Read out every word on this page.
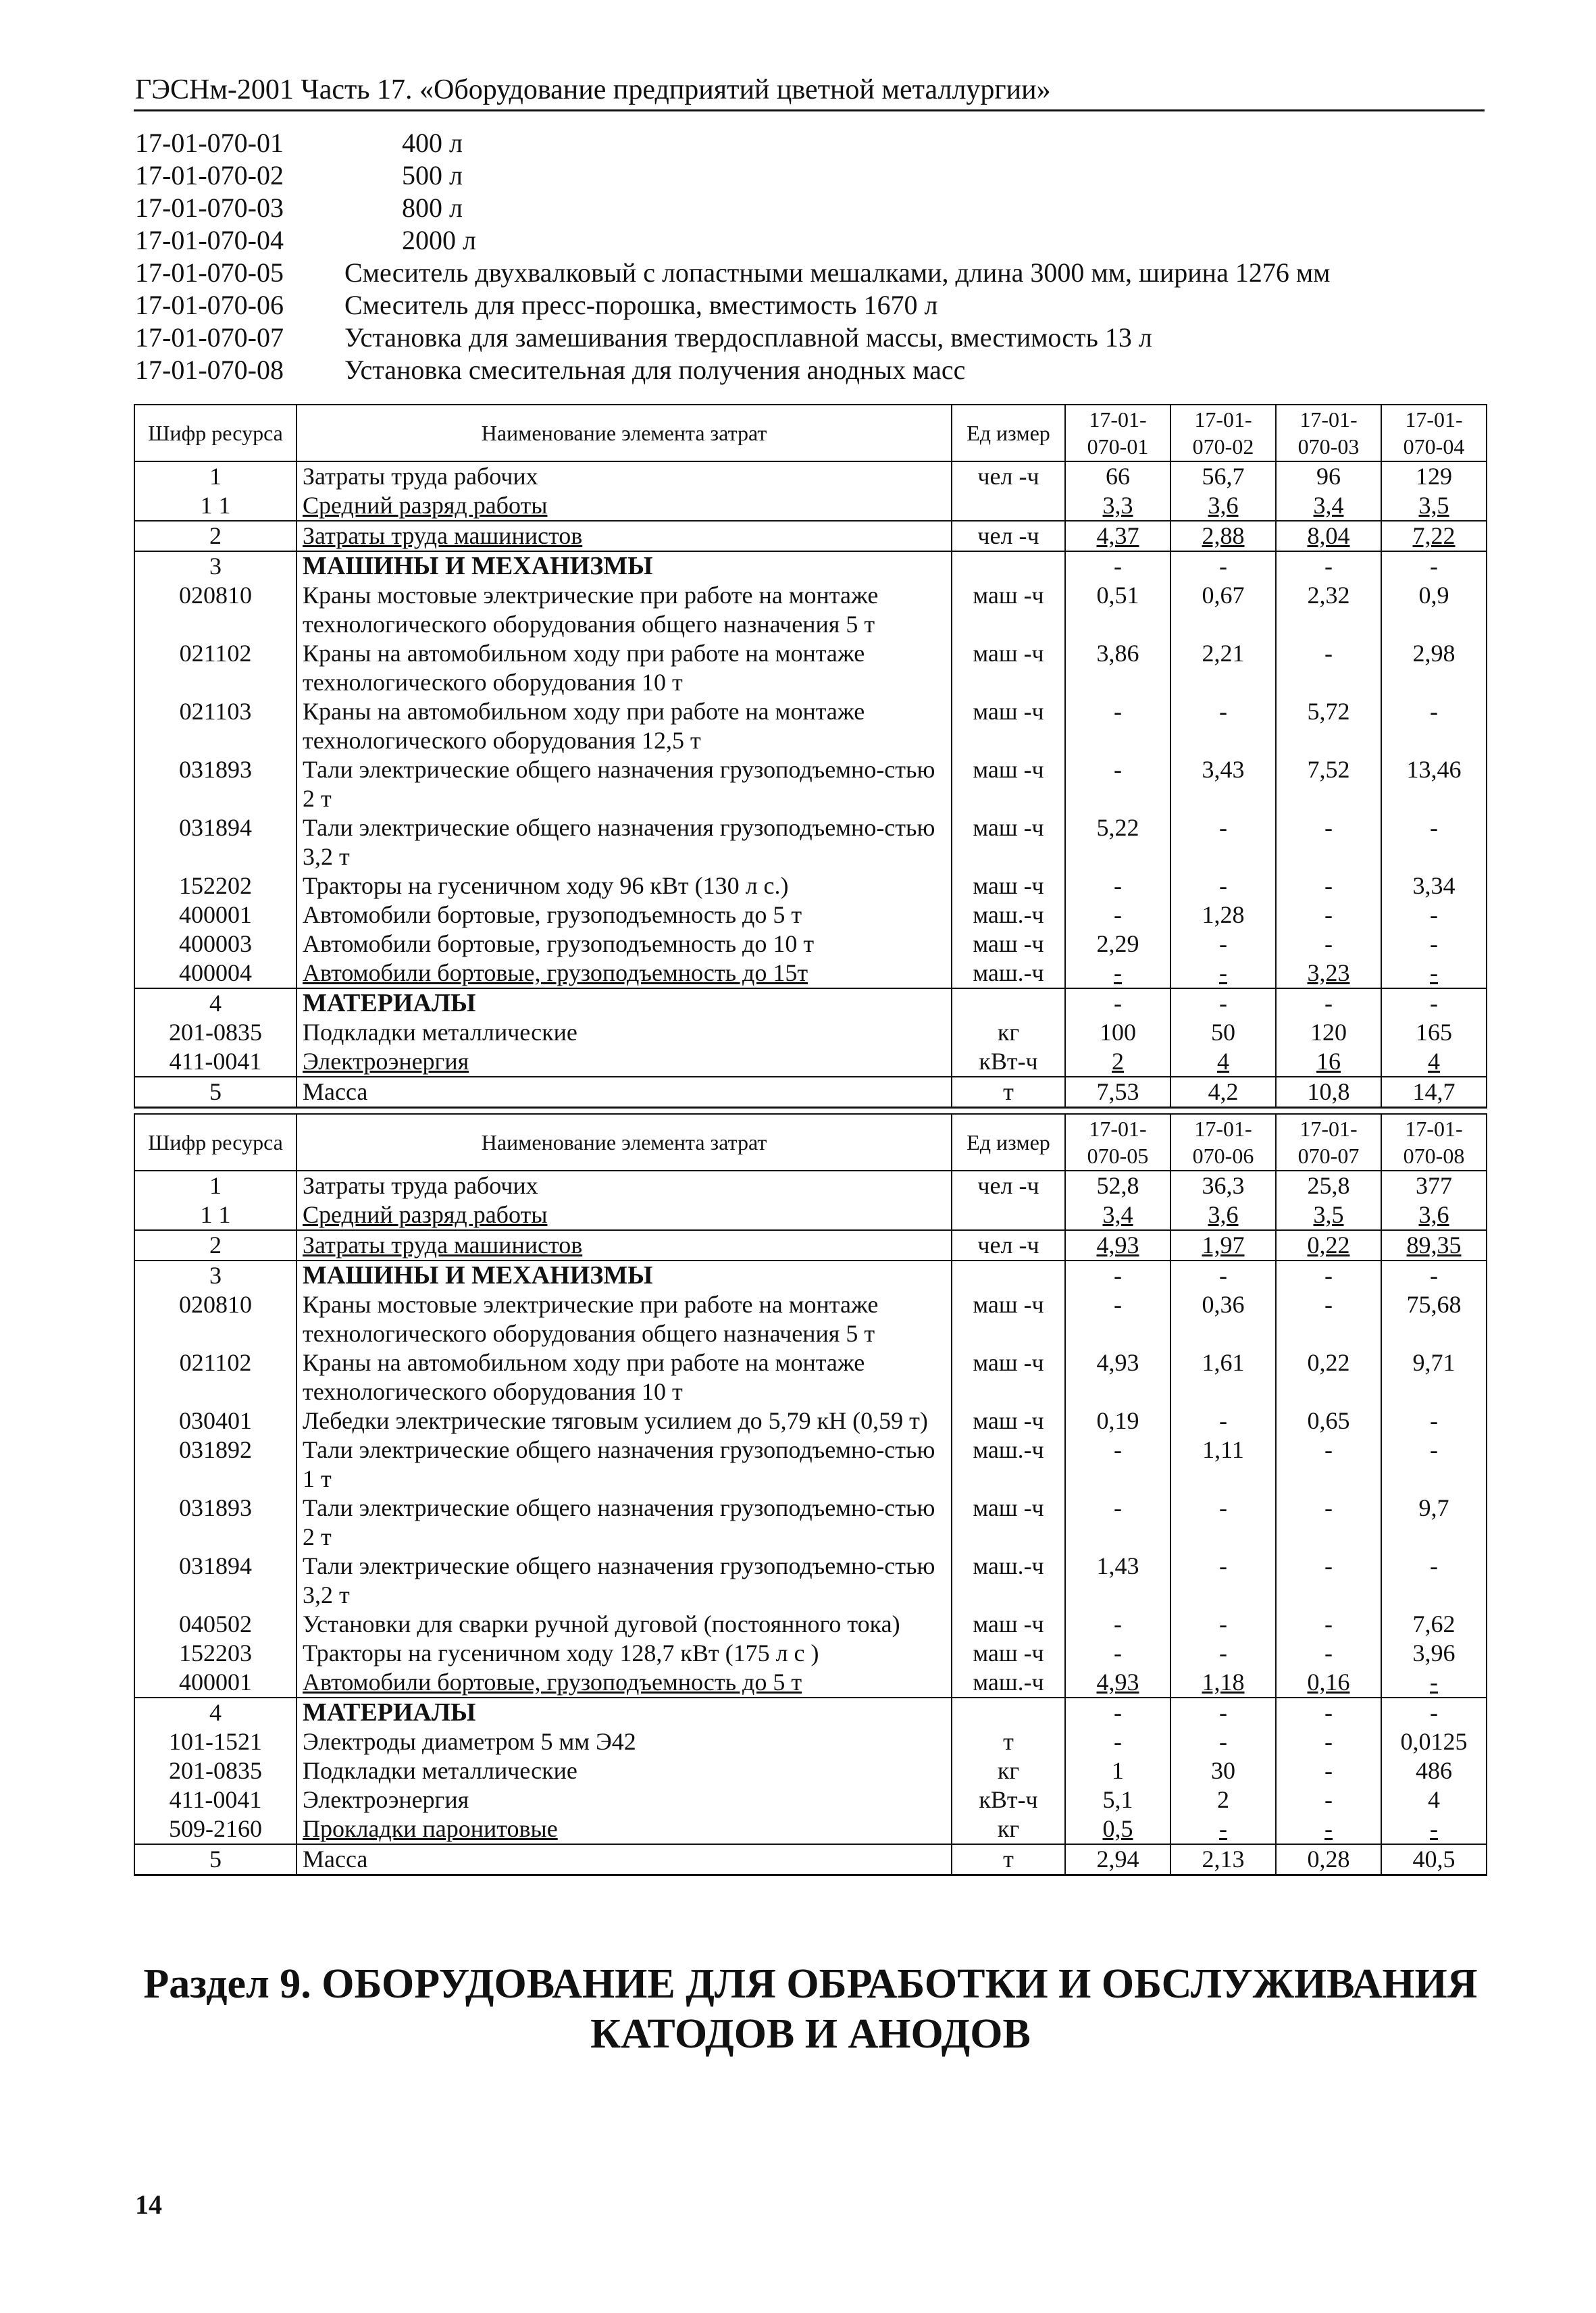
ГЭСНм-2001 Часть 17. «Оборудование предприятий цветной металлургии»
17-01-070-01	400 л
17-01-070-02	500 л
17-01-070-03	800 л
17-01-070-04	2000 л
17-01-070-05 Смеситель двухвалковый с лопастными мешалками, длина 3000 мм, ширина 1276 мм
17-01-070-06 Смеситель для пресс-порошка, вместимость 1670 л
17-01-070-07 Установка для замешивания твердосплавной массы, вместимость 13 л
17-01-070-08 Установка смесительная для получения анодных масс
Шифр ресурса	Наименование элемента затрат	Ед измер	17-01-070-01	17-01-070-02	17-01-070-03	17-01-070-04
1	Затраты труда рабочих	чел -ч	66	56,7	96	129
1 1	Средний разряд работы		3,3	3,6	3,4	3,5
2	Затраты труда машинистов	чел -ч	4,37	2,88	8,04	7,22
3	МАШИНЫ И МЕХАНИЗМЫ		-	-	-	-
020810	Краны мостовые электрические при работе на монтаже технологического оборудования общего назначения 5 т	маш -ч	0,51	0,67	2,32	0,9
021102	Краны на автомобильном ходу при работе на монтаже технологического оборудования 10 т	маш -ч	3,86	2,21	-	2,98
021103	Краны на автомобильном ходу при работе на монтаже технологического оборудования 12,5 т	маш -ч	-	-	5,72	-
031893	Тали электрические общего назначения грузоподъемно-стью 2 т	маш -ч	-	3,43	7,52	13,46
031894	Тали электрические общего назначения грузоподъемно-стью 3,2 т	маш -ч	5,22	-	-	-
152202	Тракторы на гусеничном ходу 96 кВт (130 л с.)	маш -ч	-	-	-	3,34
400001	Автомобили бортовые, грузоподъемность до 5 т	маш.-ч	-	1,28	-	-
400003	Автомобили бортовые, грузоподъемность до 10 т	маш -ч	2,29	-	-	-
400004	Автомобили бортовые, грузоподъемность до 15т	маш.-ч	-	-	3,23	-
4	МАТЕРИАЛЫ		-	-	-	-
201-0835	Подкладки металлические	кг	100	50	120	165
411-0041	Электроэнергия	кВт-ч	2	4	16	4
5	Масса	т	7,53	4,2	10,8	14,7
Шифр ресурса	Наименование элемента затрат	Ед измер	17-01-070-05	17-01-070-06	17-01-070-07	17-01-070-08
1	Затраты труда рабочих	чел -ч	52,8	36,3	25,8	377
1 1	Средний разряд работы		3,4	3,6	3,5	3,6
2	Затраты труда машинистов	чел -ч	4,93	1,97	0,22	89,35
3	МАШИНЫ И МЕХАНИЗМЫ		-	-	-	-
020810	Краны мостовые электрические при работе на монтаже технологического оборудования общего назначения 5 т	маш -ч	-	0,36	-	75,68
021102	Краны на автомобильном ходу при работе на монтаже технологического оборудования 10 т	маш -ч	4,93	1,61	0,22	9,71
030401	Лебедки электрические тяговым усилием до 5,79 кН (0,59 т)	маш -ч	0,19	-	0,65	-
031892	Тали электрические общего назначения грузоподъемно-стью 1 т	маш.-ч	-	1,11	-	-
031893	Тали электрические общего назначения грузоподъемно-стью 2 т	маш -ч	-	-	-	9,7
031894	Тали электрические общего назначения грузоподъемно-стью 3,2 т	маш.-ч	1,43	-	-	-
040502	Установки для сварки ручной дуговой (постоянного тока)	маш -ч	-	-	-	7,62
152203	Тракторы на гусеничном ходу 128,7 кВт (175 л с )	маш -ч	-	-	-	3,96
400001	Автомобили бортовые, грузоподъемность до 5 т	маш.-ч	4,93	1,18	0,16	-
4	МАТЕРИАЛЫ		-	-	-	-
101-1521	Электроды диаметром 5 мм Э42	т	-	-	-	0,0125
201-0835	Подкладки металлические	кг	1	30	-	486
411-0041	Электроэнергия	кВт-ч	5,1	2	-	4
509-2160	Прокладки паронитовые	кг	0,5	-	-	-
5	Масса	т	2,94	2,13	0,28	40,5
Раздел 9. ОБОРУДОВАНИЕ ДЛЯ ОБРАБОТКИ И ОБСЛУЖИВАНИЯ
КАТОДОВ И АНОДОВ
14
